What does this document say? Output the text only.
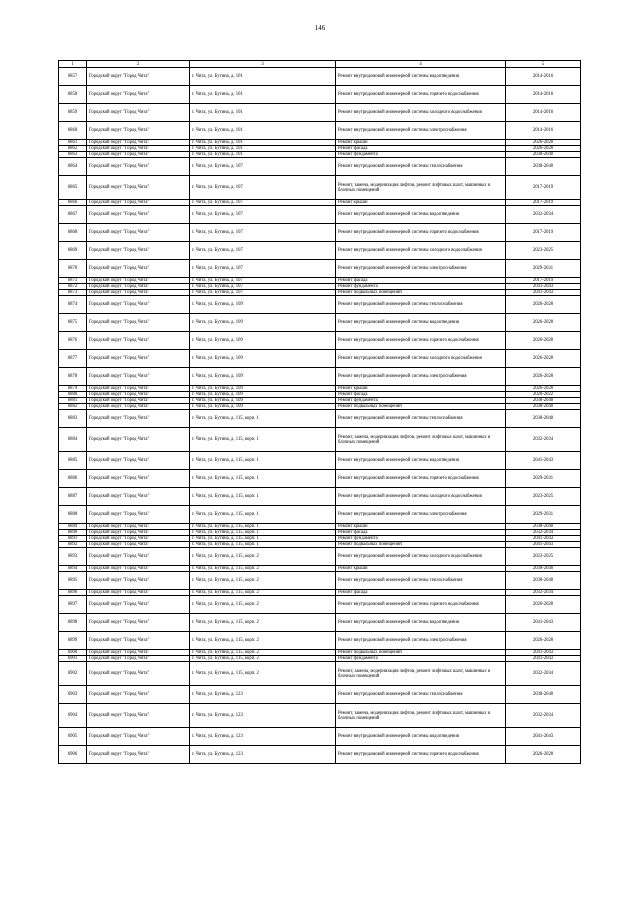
146
1	2	3	4	5
6857	Городской округ "Город Чита"	г. Чита, ул. Бутина, д. 101	Ремонт внутридомовой инженерной системы водоотведения	2014-2016
6858	Городской округ "Город Чита"	г. Чита, ул. Бутина, д. 101	Ремонт внутридомовой инженерной системы горячего водоснабжения	2014-2016
6859	Городской округ "Город Чита"	г. Чита, ул. Бутина, д. 101	Ремонт внутридомовой инженерной системы холодного водоснабжения	2014-2016
6860	Городской округ "Город Чита"	г. Чита, ул. Бутина, д. 101	Ремонт внутридомовой инженерной системы электроснабжения	2014-2016
6861	Городской округ "Город Чита"	г. Чита, ул. Бутина, д. 101	Ремонт крыши	2026-2028
6862	Городской округ "Город Чита"	г. Чита, ул. Бутина, д. 101	Ремонт фасада	2026-2028
6863	Городской округ "Город Чита"	г. Чита, ул. Бутина, д. 101	Ремонт фундамента	2038-2040
6864	Городской округ "Город Чита"	г. Чита, ул. Бутина, д. 107	Ремонт внутридомовой инженерной системы теплоснабжения	2038-2040
6865	Городской округ "Город Чита"	г. Чита, ул. Бутина, д. 107	Ремонт, замена, модернизация лифтов, ремонт лифтовых шахт, машинных и блочных помещений	2017-2019
6866	Городской округ "Город Чита"	г. Чита, ул. Бутина, д. 107	Ремонт крыши	2017-2019
6867	Городской округ "Город Чита"	г. Чита, ул. Бутина, д. 107	Ремонт внутридомовой инженерной системы водоотведения	2032-2034
6868	Городской округ "Город Чита"	г. Чита, ул. Бутина, д. 107	Ремонт внутридомовой инженерной системы горячего водоснабжения	2017-2019
6869	Городской округ "Город Чита"	г. Чита, ул. Бутина, д. 107	Ремонт внутридомовой инженерной системы холодного водоснабжения	2023-2025
6870	Городской округ "Город Чита"	г. Чита, ул. Бутина, д. 107	Ремонт внутридомовой инженерной системы электроснабжения	2029-2031
6871	Городской округ "Город Чита"	г. Чита, ул. Бутина, д. 107	Ремонт фасада	2017-2019
6872	Городской округ "Город Чита"	г. Чита, ул. Бутина, д. 107	Ремонт фундамента	2041-2043
6873	Городской округ "Город Чита"	г. Чита, ул. Бутина, д. 107	Ремонт подвальных помещений	2041-2043
6874	Городской округ "Город Чита"	г. Чита, ул. Бутина, д. 109	Ремонт внутридомовой инженерной системы теплоснабжения	2026-2028
6875	Городской округ "Город Чита"	г. Чита, ул. Бутина, д. 109	Ремонт внутридомовой инженерной системы водоотведения	2026-2028
6876	Городской округ "Город Чита"	г. Чита, ул. Бутина, д. 109	Ремонт внутридомовой инженерной системы горячего водоснабжения	2026-2028
6877	Городской округ "Город Чита"	г. Чита, ул. Бутина, д. 109	Ремонт внутридомовой инженерной системы холодного водоснабжения	2026-2028
6878	Городской округ "Город Чита"	г. Чита, ул. Бутина, д. 109	Ремонт внутридомовой инженерной системы электроснабжения	2026-2028
6879	Городской округ "Город Чита"	г. Чита, ул. Бутина, д. 109	Ремонт крыши	2026-2028
6880	Городской округ "Город Чита"	г. Чита, ул. Бутина, д. 109	Ремонт фасада	2020-2022
6881	Городской округ "Город Чита"	г. Чита, ул. Бутина, д. 109	Ремонт фундамента	2038-2040
6882	Городской округ "Город Чита"	г. Чита, ул. Бутина, д. 109	Ремонт подвальных помещений	2038-2040
6883	Городской округ "Город Чита"	г. Чита, ул. Бутина, д. 115, корп. 1	Ремонт внутридомовой инженерной системы теплоснабжения	2038-2040
6884	Городской округ "Город Чита"	г. Чита, ул. Бутина, д. 115, корп. 1	Ремонт, замена, модернизация лифтов, ремонт лифтовых шахт, машинных и блочных помещений	2032-2034
6885	Городской округ "Город Чита"	г. Чита, ул. Бутина, д. 115, корп. 1	Ремонт внутридомовой инженерной системы водоотведения	2041-2043
6886	Городской округ "Город Чита"	г. Чита, ул. Бутина, д. 115, корп. 1	Ремонт внутридомовой инженерной системы горячего водоснабжения	2029-2031
6887	Городской округ "Город Чита"	г. Чита, ул. Бутина, д. 115, корп. 1	Ремонт внутридомовой инженерной системы холодного водоснабжения	2023-2025
6888	Городской округ "Город Чита"	г. Чита, ул. Бутина, д. 115, корп. 1	Ремонт внутридомовой инженерной системы электроснабжения	2029-2031
6889	Городской округ "Город Чита"	г. Чита, ул. Бутина, д. 115, корп. 1	Ремонт крыши	2038-2040
6890	Городской округ "Город Чита"	г. Чита, ул. Бутина, д. 115, корп. 1	Ремонт фасада	2032-2034
6891	Городской округ "Город Чита"	г. Чита, ул. Бутина, д. 115, корп. 1	Ремонт фундамента	2041-2043
6892	Городской округ "Город Чита"	г. Чита, ул. Бутина, д. 115, корп. 1	Ремонт подвальных помещений	2041-2043
6893	Городской округ "Город Чита"	г. Чита, ул. Бутина, д. 115, корп. 2	Ремонт внутридомовой инженерной системы холодного водоснабжения	2023-2025
6894	Городской округ "Город Чита"	г. Чита, ул. Бутина, д. 115, корп. 2	Ремонт крыши	2038-2040
6895	Городской округ "Город Чита"	г. Чита, ул. Бутина, д. 115, корп. 2	Ремонт внутридомовой инженерной системы теплоснабжения	2038-2040
6896	Городской округ "Город Чита"	г. Чита, ул. Бутина, д. 115, корп. 2	Ремонт фасада	2032-2034
6897	Городской округ "Город Чита"	г. Чита, ул. Бутина, д. 115, корп. 2	Ремонт внутридомовой инженерной системы горячего водоснабжения	2026-2028
6898	Городской округ "Город Чита"	г. Чита, ул. Бутина, д. 115, корп. 2	Ремонт внутридомовой инженерной системы водоотведения	2041-2043
6899	Городской округ "Город Чита"	г. Чита, ул. Бутина, д. 115, корп. 2	Ремонт внутридомовой инженерной системы электроснабжения	2026-2028
6900	Городской округ "Город Чита"	г. Чита, ул. Бутина, д. 115, корп. 2	Ремонт подвальных помещений	2041-2043
6901	Городской округ "Город Чита"	г. Чита, ул. Бутина, д. 115, корп. 2	Ремонт фундамента	2041-2043
6902	Городской округ "Город Чита"	г. Чита, ул. Бутина, д. 115, корп. 2	Ремонт, замена, модернизация лифтов, ремонт лифтовых шахт, машинных и блочных помещений	2032-2034
6903	Городской округ "Город Чита"	г. Чита, ул. Бутина, д. 123	Ремонт внутридомовой инженерной системы теплоснабжения	2038-2040
6904	Городской округ "Город Чита"	г. Чита, ул. Бутина, д. 123	Ремонт, замена, модернизация лифтов, ремонт лифтовых шахт, машинных и блочных помещений	2032-2034
6905	Городской округ "Город Чита"	г. Чита, ул. Бутина, д. 123	Ремонт внутридомовой инженерной системы водоотведения	2041-2043
6906	Городской округ "Город Чита"	г. Чита, ул. Бутина, д. 123	Ремонт внутридомовой инженерной системы горячего водоснабжения	2026-2028
